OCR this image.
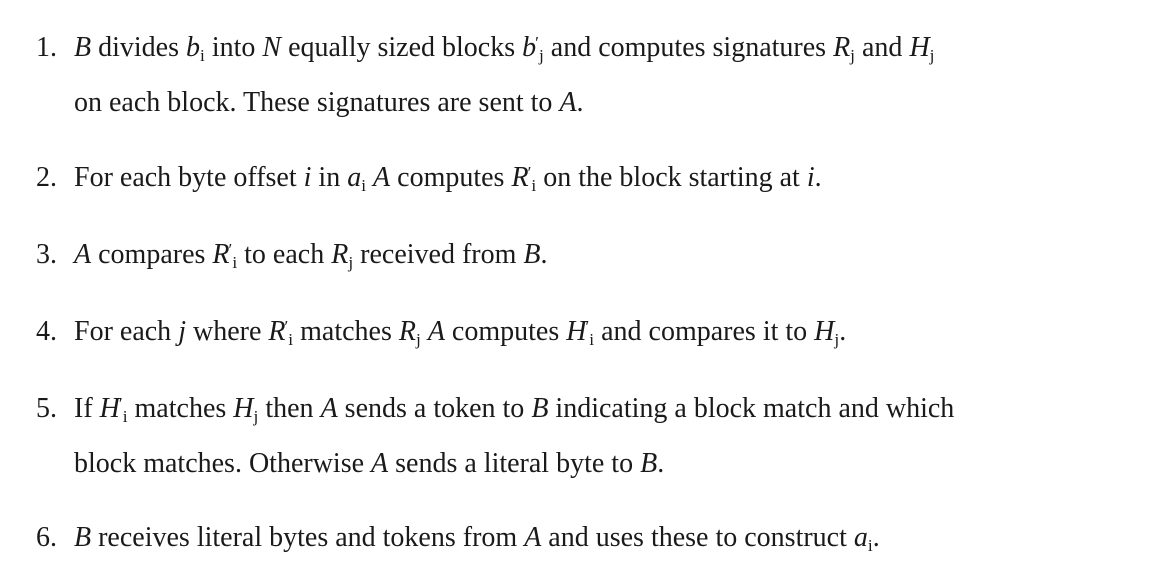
1. B divides $b_i$ into N equally sized blocks $b'_j$ and computes signatures $R_j$ and $H_j$
on each block. These signatures are sent to A.
2. For each byte offset i in $a_i$ A computes $R'_i$ on the block starting at i.
3. A compares $R'_i$ to each $R_j$ received from B.
4. For each j where $R'_i$ matches $R_j$ A computes $H'_i$ and compares it to $H_j$.
5. If $H'_i$ matches $H_j$ then A sends a token to B indicating a block match and which
block matches. Otherwise A sends a literal byte to B.
6. B receives literal bytes and tokens from A and uses these to construct $a_i$.
